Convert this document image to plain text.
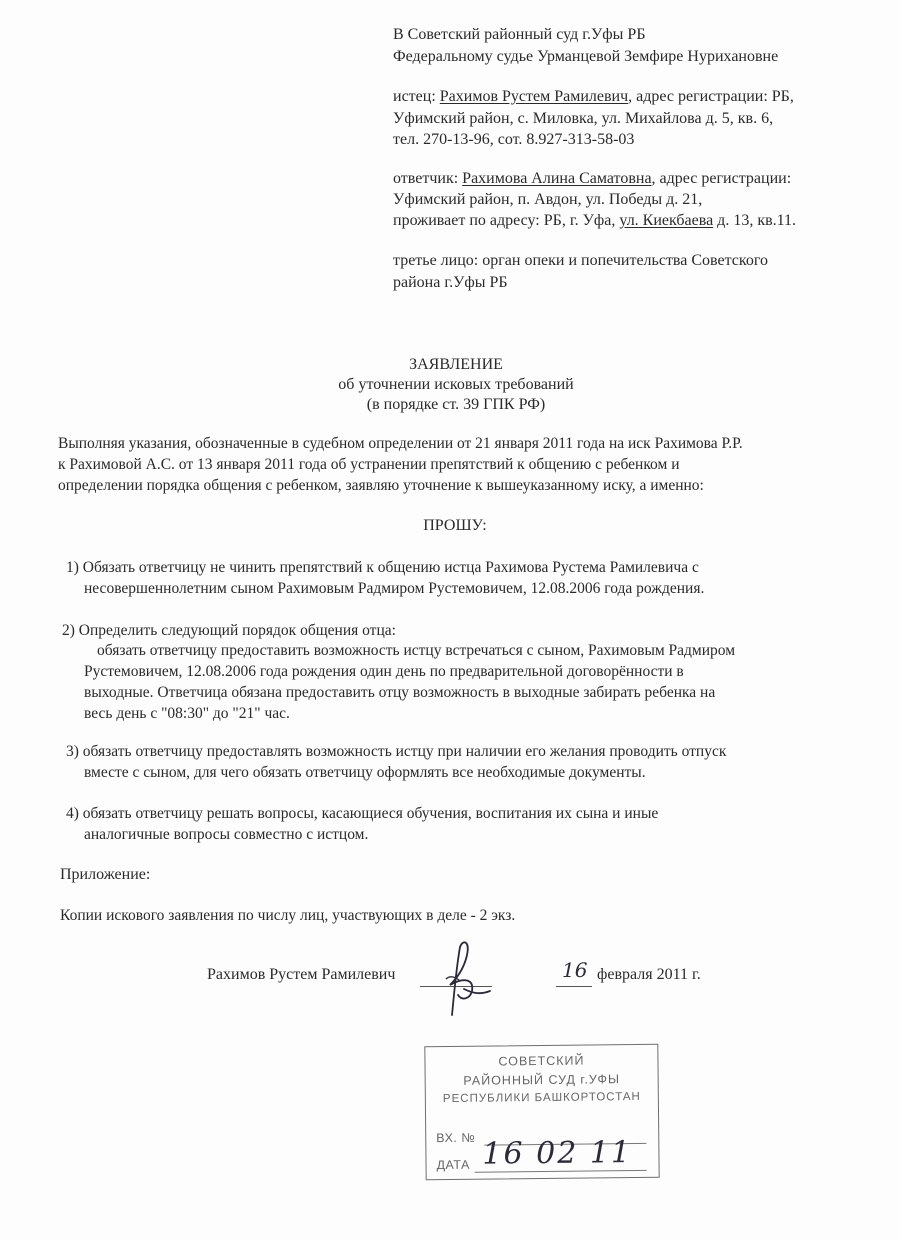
В Советский районный суд г.Уфы РБ
Федеральному судье Урманцевой Земфире Нурихановне
истец: Рахимов Рустем Рамилевич, адрес регистрации: РБ,
Уфимский район, с. Миловка, ул. Михайлова д. 5, кв. 6,
тел. 270-13-96, сот. 8.927-313-58-03
ответчик: Рахимова Алина Саматовна, адрес регистрации:
Уфимский район, п. Авдон, ул. Победы д. 21,
проживает по адресу: РБ, г. Уфа, ул. Киекбаева д. 13, кв.11.
третье лицо: орган опеки и попечительства Советского
района г.Уфы РБ
ЗАЯВЛЕНИЕ
об уточнении исковых требований
(в порядке ст. 39 ГПК РФ)
Выполняя указания, обозначенные в судебном определении от 21 января 2011 года на иск Рахимова Р.Р.
к Рахимовой А.С. от 13 января 2011 года об устранении препятствий к общению с ребенком и
определении порядка общения с ребенком, заявляю уточнение к вышеуказанному иску, а именно:
ПРОШУ:
1) Обязать ответчицу не чинить препятствий к общению истца Рахимова Рустема Рамилевича с
несовершеннолетним сыном Рахимовым Радмиром Рустемовичем, 12.08.2006 года рождения.
2) Определить следующий порядок общения отца:
обязать ответчицу предоставить возможность истцу встречаться с сыном, Рахимовым Радмиром
Рустемовичем, 12.08.2006 года рождения один день по предварительной договорённости в
выходные. Ответчица обязана предоставить отцу возможность в выходные забирать ребенка на
весь день с "08:30" до "21" час.
3) обязать ответчицу предоставлять возможность истцу при наличии его желания проводить отпуск
вместе с сыном, для чего обязать ответчицу оформлять все необходимые документы.
4) обязать ответчицу решать вопросы, касающиеся обучения, воспитания их сына и иные
аналогичные вопросы совместно с истцом.
Приложение:
Копии искового заявления по числу лиц, участвующих в деле - 2 экз.
Рахимов Рустем Рамилевич	16 февраля 2011 г.
СОВЕТСКИЙ
РАЙОННЫЙ СУД г.УФЫ
РЕСПУБЛИКИ БАШКОРТОСТАН
ВХ. №
ДАТА 16 02 11
